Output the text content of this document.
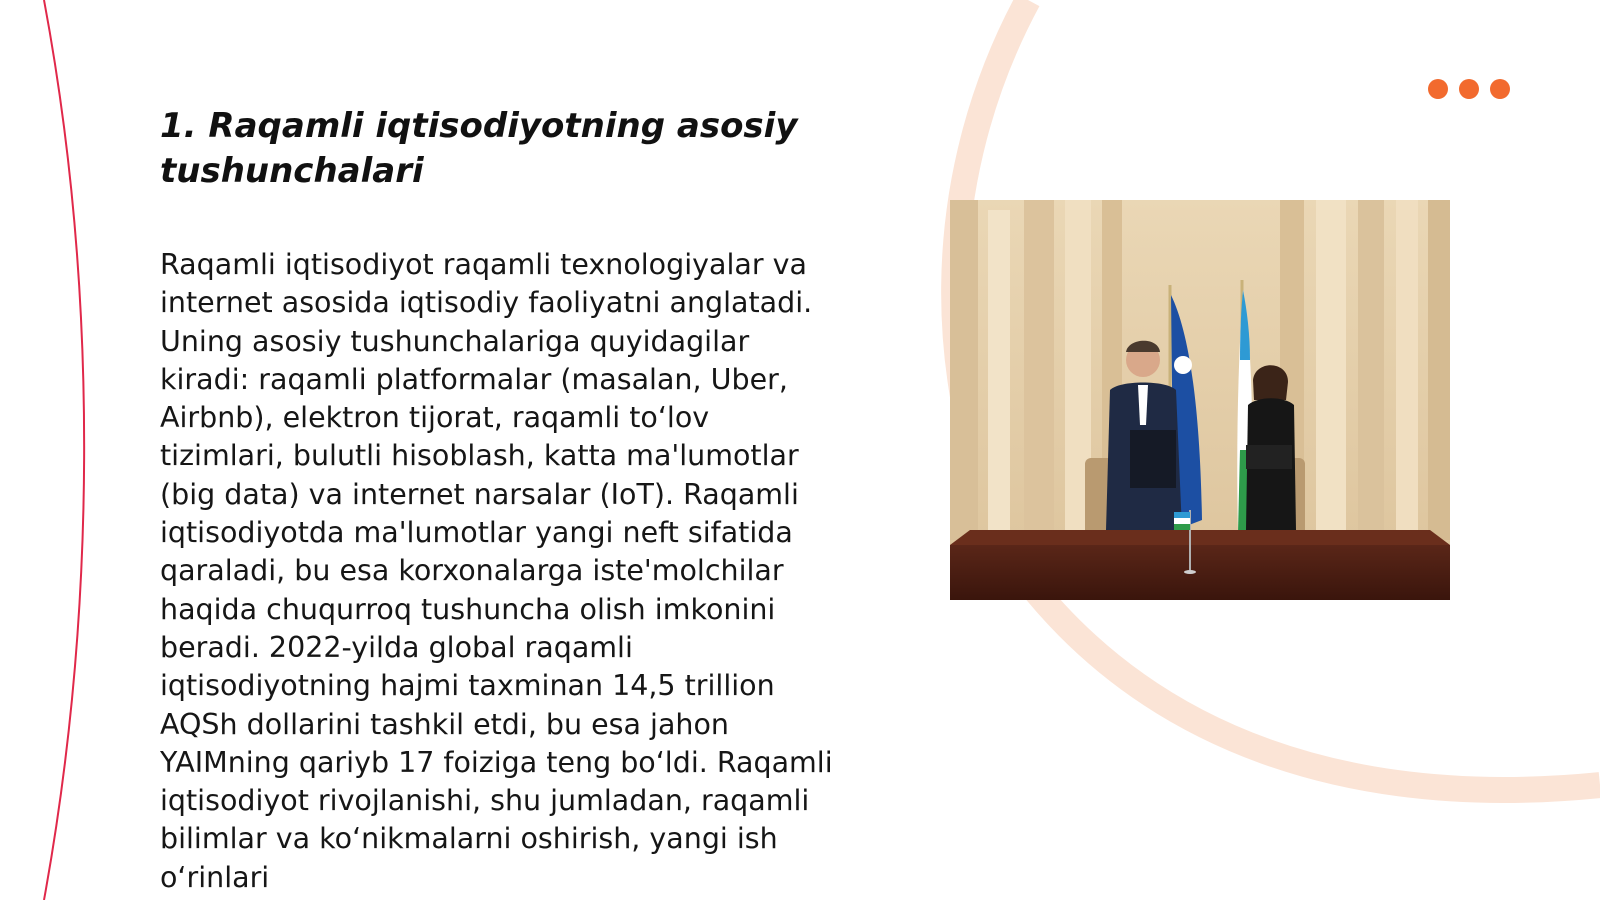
1. Raqamli iqtisodiyotning asosiy tushunchalari

Raqamli iqtisodiyot raqamli texnologiyalar va internet asosida iqtisodiy faoliyatni anglatadi. Uning asosiy tushunchalariga quyidagilar kiradi: raqamli platformalar (masalan, Uber, Airbnb), elektron tijorat, raqamli to‘lov tizimlari, bulutli hisoblash, katta ma'lumotlar (big data) va internet narsalar (IoT). Raqamli iqtisodiyotda ma'lumotlar yangi neft sifatida qaraladi, bu esa korxonalarga iste'molchilar haqida chuqurroq tushuncha olish imkonini beradi. 2022-yilda global raqamli iqtisodiyotning hajmi taxminan 14,5 trillion AQSh dollarini tashkil etdi, bu esa jahon YAIMning qariyb 17 foiziga teng bo‘ldi. Raqamli iqtisodiyot rivojlanishi, shu jumladan, raqamli bilimlar va ko‘nikmalarni oshirish, yangi ish o‘rinlari
